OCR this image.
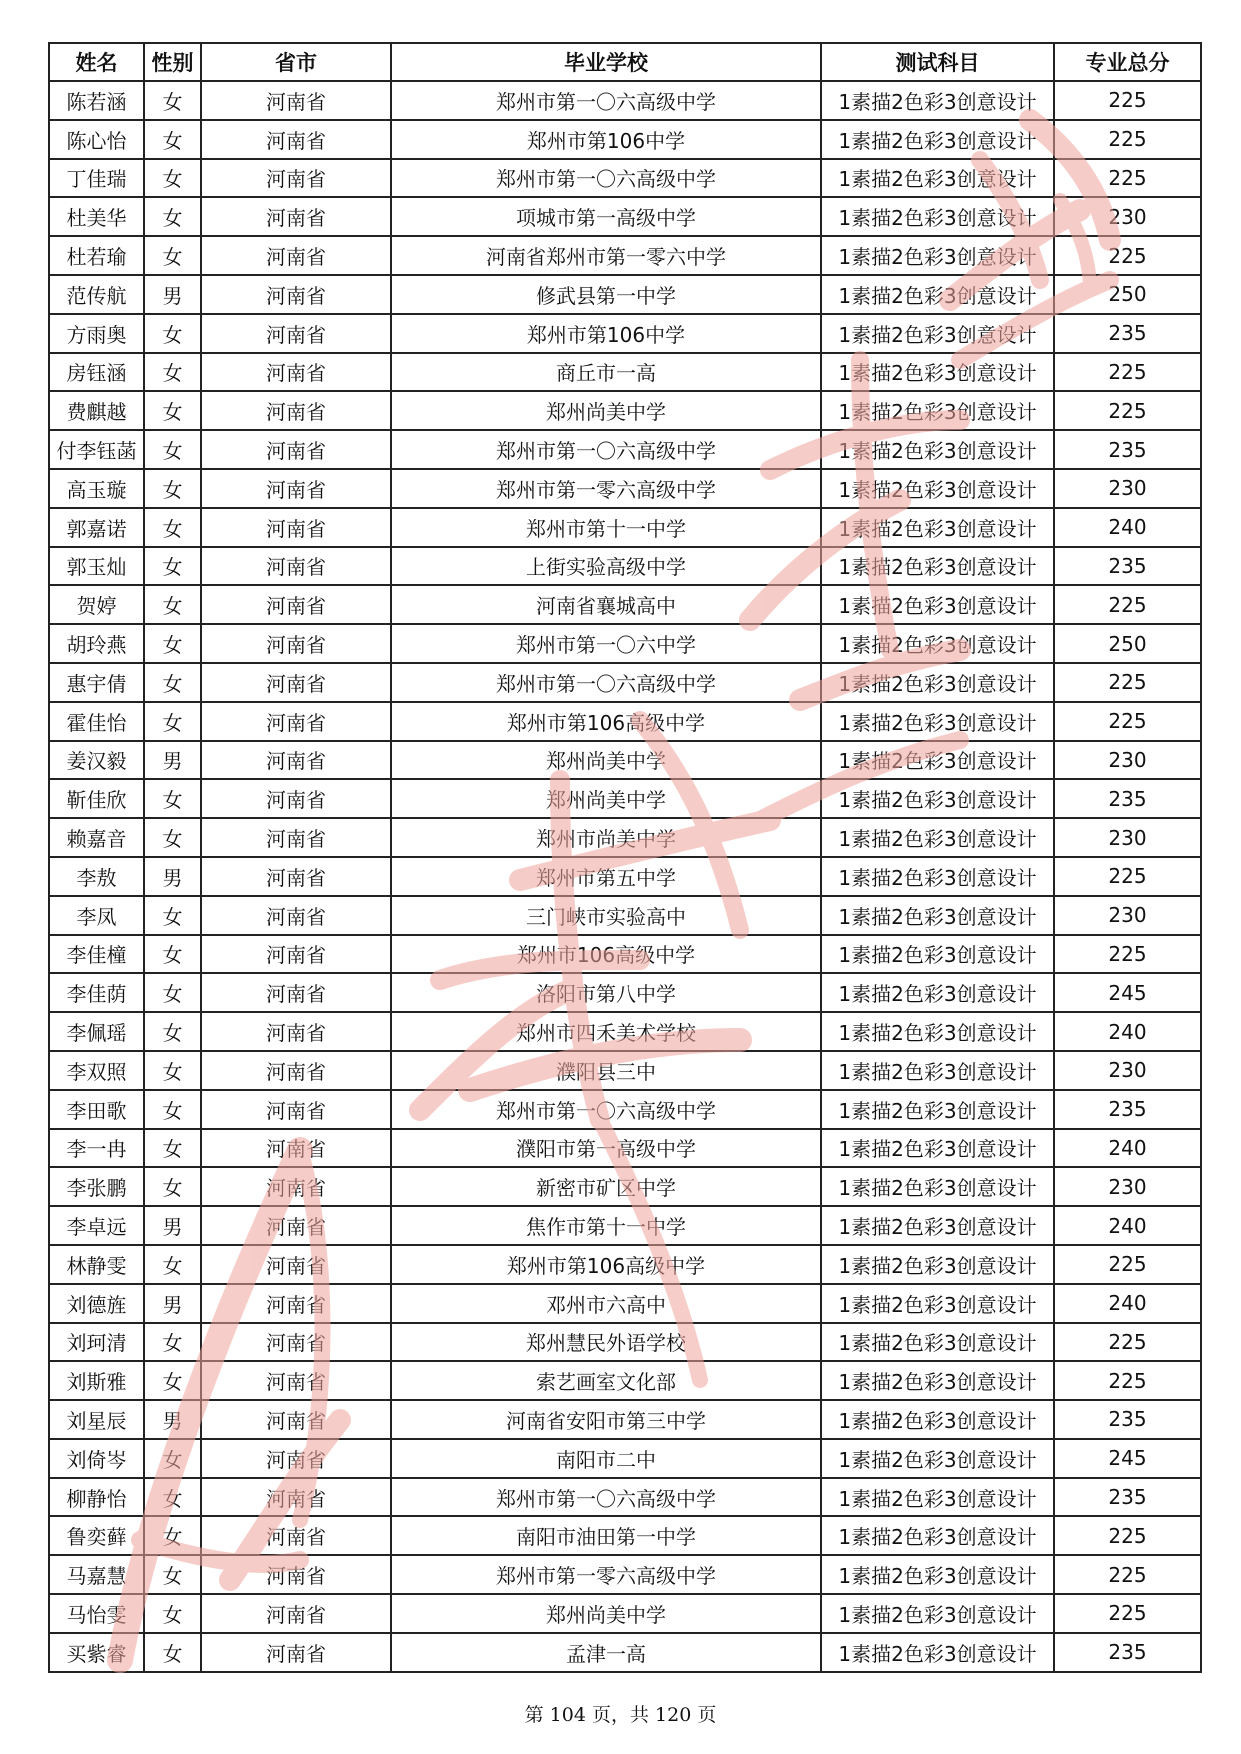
姓名	性别	省市	毕业学校	测试科目	专业总分
陈若涵	女	河南省	郑州市第一〇六高级中学	1素描2色彩3创意设计	225
陈心怡	女	河南省	郑州市第106中学	1素描2色彩3创意设计	225
丁佳瑞	女	河南省	郑州市第一〇六高级中学	1素描2色彩3创意设计	225
杜美华	女	河南省	项城市第一高级中学	1素描2色彩3创意设计	230
杜若瑜	女	河南省	河南省郑州市第一零六中学	1素描2色彩3创意设计	225
范传航	男	河南省	修武县第一中学	1素描2色彩3创意设计	250
方雨奥	女	河南省	郑州市第106中学	1素描2色彩3创意设计	235
房钰涵	女	河南省	商丘市一高	1素描2色彩3创意设计	225
费麒越	女	河南省	郑州尚美中学	1素描2色彩3创意设计	225
付李钰菡	女	河南省	郑州市第一〇六高级中学	1素描2色彩3创意设计	235
高玉璇	女	河南省	郑州市第一零六高级中学	1素描2色彩3创意设计	230
郭嘉诺	女	河南省	郑州市第十一中学	1素描2色彩3创意设计	240
郭玉灿	女	河南省	上街实验高级中学	1素描2色彩3创意设计	235
贺婷	女	河南省	河南省襄城高中	1素描2色彩3创意设计	225
胡玲燕	女	河南省	郑州市第一〇六中学	1素描2色彩3创意设计	250
惠宇倩	女	河南省	郑州市第一〇六高级中学	1素描2色彩3创意设计	225
霍佳怡	女	河南省	郑州市第106高级中学	1素描2色彩3创意设计	225
姜汉毅	男	河南省	郑州尚美中学	1素描2色彩3创意设计	230
靳佳欣	女	河南省	郑州尚美中学	1素描2色彩3创意设计	235
赖嘉音	女	河南省	郑州市尚美中学	1素描2色彩3创意设计	230
李敖	男	河南省	郑州市第五中学	1素描2色彩3创意设计	225
李凤	女	河南省	三门峡市实验高中	1素描2色彩3创意设计	230
李佳橦	女	河南省	郑州市106高级中学	1素描2色彩3创意设计	225
李佳荫	女	河南省	洛阳市第八中学	1素描2色彩3创意设计	245
李佩瑶	女	河南省	郑州市四禾美术学校	1素描2色彩3创意设计	240
李双照	女	河南省	濮阳县三中	1素描2色彩3创意设计	230
李田歌	女	河南省	郑州市第一〇六高级中学	1素描2色彩3创意设计	235
李一冉	女	河南省	濮阳市第一高级中学	1素描2色彩3创意设计	240
李张鹏	女	河南省	新密市矿区中学	1素描2色彩3创意设计	230
李卓远	男	河南省	焦作市第十一中学	1素描2色彩3创意设计	240
林静雯	女	河南省	郑州市第106高级中学	1素描2色彩3创意设计	225
刘德旌	男	河南省	邓州市六高中	1素描2色彩3创意设计	240
刘珂清	女	河南省	郑州慧民外语学校	1素描2色彩3创意设计	225
刘斯雅	女	河南省	索艺画室文化部	1素描2色彩3创意设计	225
刘星辰	男	河南省	河南省安阳市第三中学	1素描2色彩3创意设计	235
刘倚岑	女	河南省	南阳市二中	1素描2色彩3创意设计	245
柳静怡	女	河南省	郑州市第一〇六高级中学	1素描2色彩3创意设计	235
鲁奕藓	女	河南省	南阳市油田第一中学	1素描2色彩3创意设计	225
马嘉慧	女	河南省	郑州市第一零六高级中学	1素描2色彩3创意设计	225
马怡雯	女	河南省	郑州尚美中学	1素描2色彩3创意设计	225
买紫睿	女	河南省	孟津一高	1素描2色彩3创意设计	235
第 104 页，共 120 页
